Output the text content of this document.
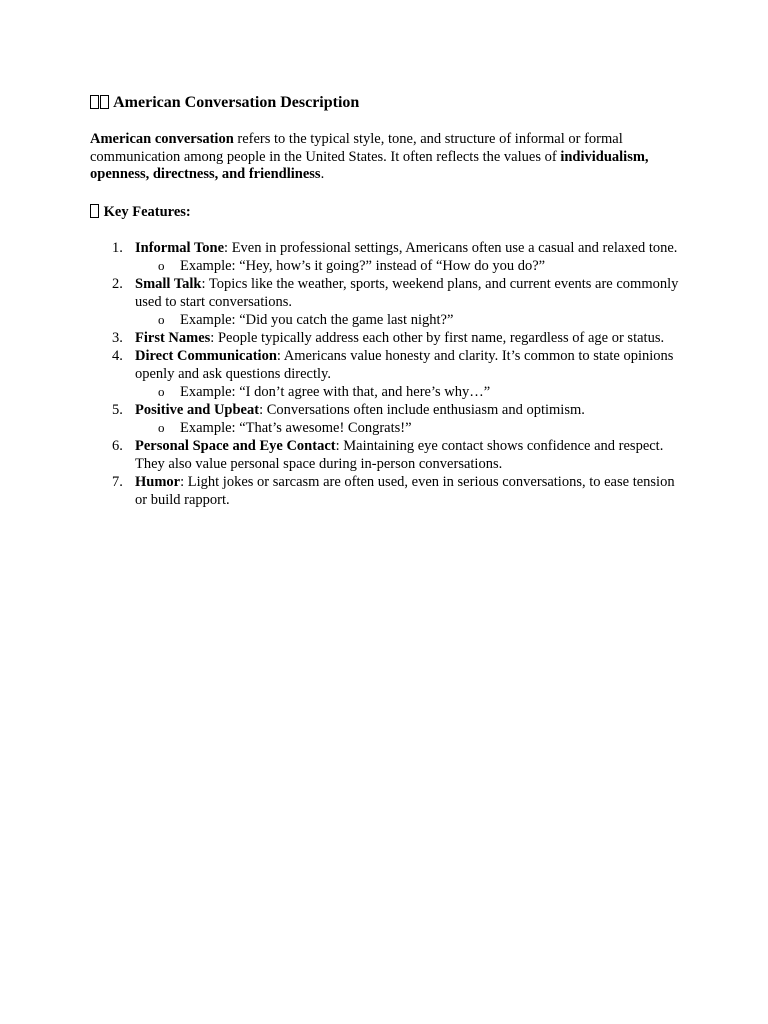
American Conversation Description

American conversation refers to the typical style, tone, and structure of informal or formal communication among people in the United States. It often reflects the values of individualism, openness, directness, and friendliness.

Key Features:

1. Informal Tone: Even in professional settings, Americans often use a casual and relaxed tone.
o Example: “Hey, how’s it going?” instead of “How do you do?”
2. Small Talk: Topics like the weather, sports, weekend plans, and current events are commonly used to start conversations.
o Example: “Did you catch the game last night?”
3. First Names: People typically address each other by first name, regardless of age or status.
4. Direct Communication: Americans value honesty and clarity. It’s common to state opinions openly and ask questions directly.
o Example: “I don’t agree with that, and here’s why…”
5. Positive and Upbeat: Conversations often include enthusiasm and optimism.
o Example: “That’s awesome! Congrats!”
6. Personal Space and Eye Contact: Maintaining eye contact shows confidence and respect. They also value personal space during in-person conversations.
7. Humor: Light jokes or sarcasm are often used, even in serious conversations, to ease tension or build rapport.
